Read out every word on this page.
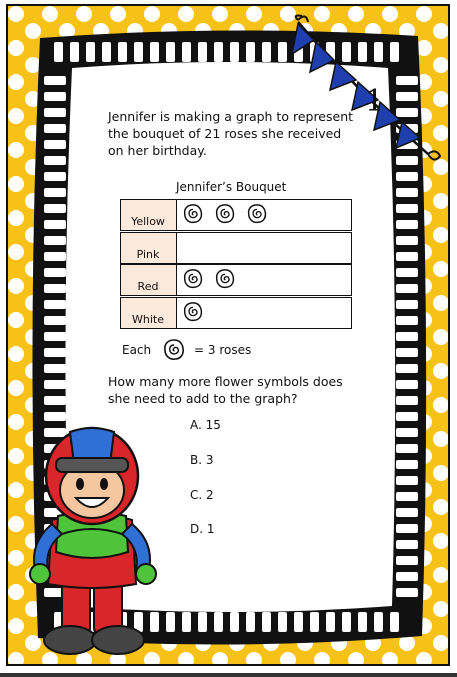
1
Jennifer is making a graph to represent the bouquet of 21 roses she received on her birthday.
Jennifer’s Bouquet
Yellow
Pink
Red
White
Each	= 3 roses
How many more flower symbols does she need to add to the graph?
A. 15
B. 3
C. 2
D. 1
